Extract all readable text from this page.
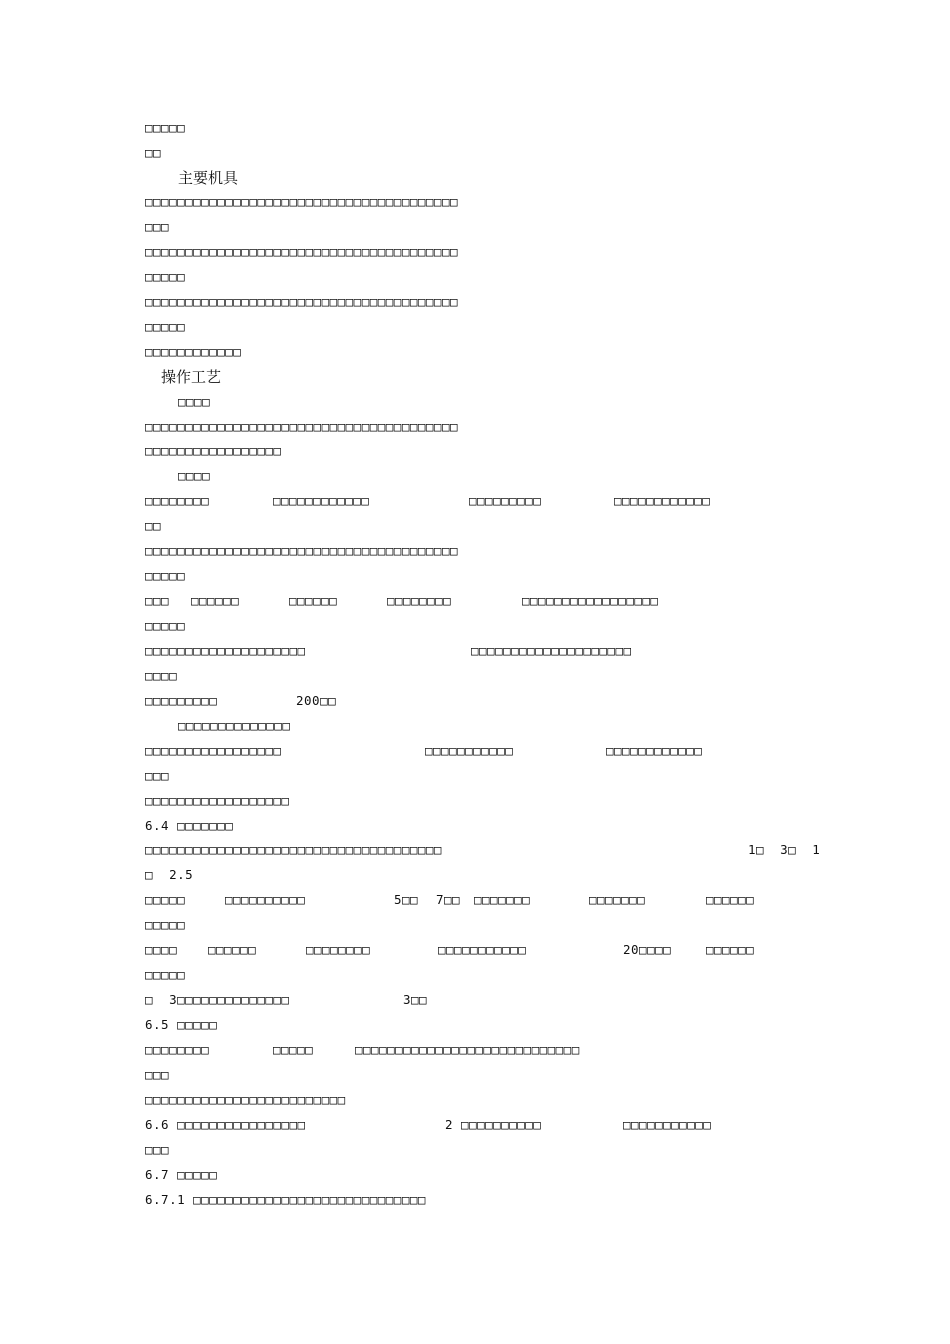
□□□□□
□□
主要机具
□□□□□□□□□□□□□□□□□□□□□□□□□□□□□□□□□□□□□□□
□□□
□□□□□□□□□□□□□□□□□□□□□□□□□□□□□□□□□□□□□□□
□□□□□
□□□□□□□□□□□□□□□□□□□□□□□□□□□□□□□□□□□□□□□
□□□□□
□□□□□□□□□□□□
操作工艺
□□□□
□□□□□□□□□□□□□□□□□□□□□□□□□□□□□□□□□□□□□□□
□□□□□□□□□□□□□□□□□
□□□□
□□□□□□□□	□□□□□□□□□□□□	□□□□□□□□□	□□□□□□□□□□□□
□□
□□□□□□□□□□□□□□□□□□□□□□□□□□□□□□□□□□□□□□□
□□□□□
□□□ □□□□□□	□□□□□□	□□□□□□□□	□□□□□□□□□□□□□□□□□
□□□□□
□□□□□□□□□□□□□□□□□□□□	□□□□□□□□□□□□□□□□□□□□
□□□□
□□□□□□□□□	200□□
□□□□□□□□□□□□□□
□□□□□□□□□□□□□□□□□	□□□□□□□□□□□	□□□□□□□□□□□□
□□□
□□□□□□□□□□□□□□□□□□
6.4 □□□□□□□
□□□□□□□□□□□□□□□□□□□□□□□□□□□□□□□□□□□□□	1□  3□  1
□  2.5
□□□□□	□□□□□□□□□□	5□□ 7□□ □□□□□□□	□□□□□□□	□□□□□□
□□□□□
□□□□ □□□□□□	□□□□□□□□	□□□□□□□□□□□	20□□□□	□□□□□□
□□□□□
□  3□□□□□□□□□□□□□□	3□□
6.5 □□□□□
□□□□□□□□	□□□□□	□□□□□□□□□□□□□□□□□□□□□□□□□□□□
□□□
□□□□□□□□□□□□□□□□□□□□□□□□□
6.6 □□□□□□□□□□□□□□□□	2 □□□□□□□□□□	□□□□□□□□□□□
□□□
6.7 □□□□□
6.7.1 □□□□□□□□□□□□□□□□□□□□□□□□□□□□□
